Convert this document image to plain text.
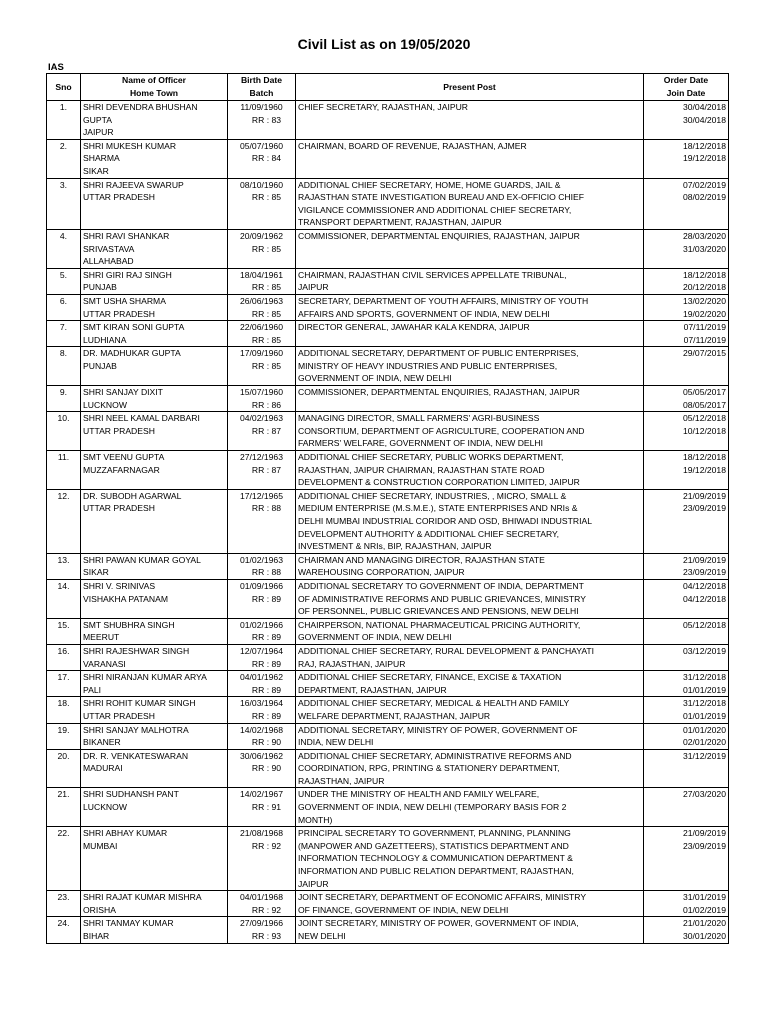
Civil List as on 19/05/2020
IAS
Sno	Name of Officer
Home Town	Birth Date
Batch	Present Post	Order Date
Join Date

1.	SHRI DEVENDRA BHUSHAN
GUPTA
JAIPUR	11/09/1960
RR : 83	CHIEF SECRETARY, RAJASTHAN, JAIPUR	30/04/2018
30/04/2018

2.	SHRI MUKESH KUMAR
SHARMA
SIKAR	05/07/1960
RR : 84	CHAIRMAN, BOARD OF REVENUE, RAJASTHAN, AJMER	18/12/2018
19/12/2018

3.	SHRI RAJEEVA SWARUP
UTTAR PRADESH	08/10/1960
RR : 85	ADDITIONAL CHIEF SECRETARY, HOME, HOME GUARDS, JAIL &
RAJASTHAN STATE INVESTIGATION BUREAU AND EX-OFFICIO CHIEF
VIGILANCE COMMISSIONER AND ADDITIONAL CHIEF SECRETARY,
TRANSPORT DEPARTMENT, RAJASTHAN, JAIPUR	07/02/2019
08/02/2019

4.	SHRI RAVI SHANKAR
SRIVASTAVA
ALLAHABAD	20/09/1962
RR : 85	COMMISSIONER, DEPARTMENTAL ENQUIRIES, RAJASTHAN, JAIPUR	28/03/2020
31/03/2020

5.	SHRI GIRI RAJ SINGH
PUNJAB	18/04/1961
RR : 85	CHAIRMAN, RAJASTHAN CIVIL SERVICES APPELLATE TRIBUNAL,
JAIPUR	18/12/2018
20/12/2018

6.	SMT USHA SHARMA
UTTAR PRADESH	26/06/1963
RR : 85	SECRETARY, DEPARTMENT OF YOUTH AFFAIRS, MINISTRY OF YOUTH
AFFAIRS AND SPORTS, GOVERNMENT OF INDIA, NEW DELHI	13/02/2020
19/02/2020

7.	SMT KIRAN SONI GUPTA
LUDHIANA	22/06/1960
RR : 85	DIRECTOR GENERAL, JAWAHAR KALA KENDRA, JAIPUR	07/11/2019
07/11/2019

8.	DR. MADHUKAR GUPTA
PUNJAB	17/09/1960
RR : 85	ADDITIONAL SECRETARY, DEPARTMENT OF PUBLIC ENTERPRISES,
MINISTRY OF HEAVY INDUSTRIES AND PUBLIC ENTERPRISES,
GOVERNMENT OF INDIA, NEW DELHI	29/07/2015

9.	SHRI SANJAY DIXIT
LUCKNOW	15/07/1960
RR : 86	COMMISSIONER, DEPARTMENTAL ENQUIRIES, RAJASTHAN, JAIPUR	05/05/2017
08/05/2017

10.	SHRI NEEL KAMAL DARBARI
UTTAR PRADESH	04/02/1963
RR : 87	MANAGING DIRECTOR, SMALL FARMERS' AGRI-BUSINESS
CONSORTIUM, DEPARTMENT OF AGRICULTURE, COOPERATION AND
FARMERS' WELFARE, GOVERNMENT OF INDIA, NEW DELHI	05/12/2018
10/12/2018

11.	SMT VEENU GUPTA
MUZZAFARNAGAR	27/12/1963
RR : 87	ADDITIONAL CHIEF SECRETARY, PUBLIC WORKS DEPARTMENT,
RAJASTHAN, JAIPUR CHAIRMAN, RAJASTHAN STATE ROAD
DEVELOPMENT & CONSTRUCTION CORPORATION LIMITED, JAIPUR	18/12/2018
19/12/2018

12.	DR. SUBODH AGARWAL
UTTAR PRADESH	17/12/1965
RR : 88	ADDITIONAL CHIEF SECRETARY, INDUSTRIES, , MICRO, SMALL &
MEDIUM ENTERPRISE (M.S.M.E.), STATE ENTERPRISES AND NRIs &
DELHI MUMBAI INDUSTRIAL CORIDOR AND OSD, BHIWADI INDUSTRIAL
DEVELOPMENT AUTHORITY & ADDITIONAL CHIEF SECRETARY,
INVESTMENT & NRIs, BIP, RAJASTHAN, JAIPUR	21/09/2019
23/09/2019

13.	SHRI PAWAN KUMAR GOYAL
SIKAR	01/02/1963
RR : 88	CHAIRMAN AND MANAGING DIRECTOR, RAJASTHAN STATE
WAREHOUSING CORPORATION, JAIPUR	21/09/2019
23/09/2019

14.	SHRI V. SRINIVAS
VISHAKHA PATANAM	01/09/1966
RR : 89	ADDITIONAL SECRETARY TO GOVERNMENT OF INDIA, DEPARTMENT
OF ADMINISTRATIVE REFORMS AND PUBLIC GRIEVANCES, MINISTRY
OF PERSONNEL, PUBLIC GRIEVANCES AND PENSIONS, NEW DELHI	04/12/2018
04/12/2018

15.	SMT SHUBHRA SINGH
MEERUT	01/02/1966
RR : 89	CHAIRPERSON, NATIONAL PHARMACEUTICAL PRICING AUTHORITY,
GOVERNMENT OF INDIA, NEW DELHI	05/12/2018

16.	SHRI RAJESHWAR SINGH
VARANASI	12/07/1964
RR : 89	ADDITIONAL CHIEF SECRETARY, RURAL DEVELOPMENT & PANCHAYATI
RAJ, RAJASTHAN, JAIPUR	03/12/2019

17.	SHRI NIRANJAN KUMAR ARYA
PALI	04/01/1962
RR : 89	ADDITIONAL CHIEF SECRETARY, FINANCE, EXCISE & TAXATION
DEPARTMENT, RAJASTHAN, JAIPUR	31/12/2018
01/01/2019

18.	SHRI ROHIT KUMAR SINGH
UTTAR PRADESH	16/03/1964
RR : 89	ADDITIONAL CHIEF SECRETARY, MEDICAL & HEALTH AND FAMILY
WELFARE DEPARTMENT, RAJASTHAN, JAIPUR	31/12/2018
01/01/2019

19.	SHRI SANJAY MALHOTRA
BIKANER	14/02/1968
RR : 90	ADDITIONAL SECRETARY, MINISTRY OF POWER, GOVERNMENT OF
INDIA, NEW DELHI	01/01/2020
02/01/2020

20.	DR. R. VENKATESWARAN
MADURAI	30/06/1962
RR : 90	ADDITIONAL CHIEF SECRETARY, ADMINISTRATIVE REFORMS AND
COORDINATION, RPG, PRINTING & STATIONERY DEPARTMENT,
RAJASTHAN, JAIPUR	31/12/2019

21.	SHRI SUDHANSH PANT
LUCKNOW	14/02/1967
RR : 91	UNDER THE MINISTRY OF HEALTH AND FAMILY WELFARE,
GOVERNMENT OF INDIA, NEW DELHI (TEMPORARY BASIS FOR 2
MONTH)	27/03/2020

22.	SHRI ABHAY KUMAR
MUMBAI	21/08/1968
RR : 92	PRINCIPAL SECRETARY TO GOVERNMENT, PLANNING, PLANNING
(MANPOWER AND GAZETTEERS), STATISTICS DEPARTMENT AND
INFORMATION TECHNOLOGY & COMMUNICATION DEPARTMENT &
INFORMATION AND PUBLIC RELATION DEPARTMENT, RAJASTHAN,
JAIPUR	21/09/2019
23/09/2019

23.	SHRI RAJAT KUMAR MISHRA
ORISHA	04/01/1968
RR : 92	JOINT SECRETARY, DEPARTMENT OF ECONOMIC AFFAIRS, MINISTRY
OF FINANCE, GOVERNMENT OF INDIA, NEW DELHI	31/01/2019
01/02/2019

24.	SHRI TANMAY KUMAR
BIHAR	27/09/1966
RR : 93	JOINT SECRETARY, MINISTRY OF POWER, GOVERNMENT OF INDIA,
NEW DELHI	21/01/2020
30/01/2020
